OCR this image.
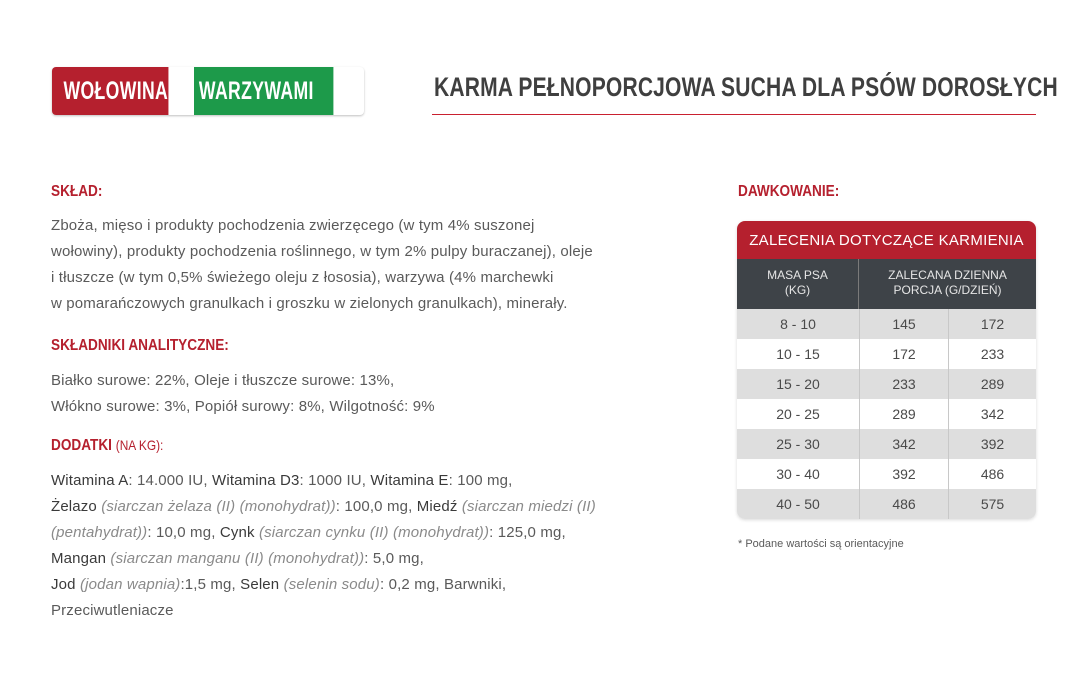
WOŁOWINA Z WARZYWAMI	KARMA PEŁNOPORCJOWA SUCHA DLA PSÓW DOROSŁYCH
SKŁAD:
Zboża, mięso i produkty pochodzenia zwierzęcego (w tym 4% suszonej
wołowiny), produkty pochodzenia roślinnego, w tym 2% pulpy buraczanej), oleje
i tłuszcze (w tym 0,5% świeżego oleju z łososia), warzywa (4% marchewki
w pomarańczowych granulkach i groszku w zielonych granulkach), minerały.
SKŁADNIKI ANALITYCZNE:
Białko surowe: 22%, Oleje i tłuszcze surowe: 13%,
Włókno surowe: 3%, Popiół surowy: 8%, Wilgotność: 9%
DODATKI (NA KG):
Witamina A: 14.000 IU, Witamina D3: 1000 IU, Witamina E: 100 mg,
Żelazo (siarczan żelaza (II) (monohydrat)): 100,0 mg, Miedź (siarczan miedzi (II)
(pentahydrat)): 10,0 mg, Cynk (siarczan cynku (II) (monohydrat)): 125,0 mg,
Mangan (siarczan manganu (II) (monohydrat)): 5,0 mg,
Jod (jodan wapnia):1,5 mg, Selen (selenin sodu): 0,2 mg, Barwniki,
Przeciwutleniacze
DAWKOWANIE:
ZALECENIA DOTYCZĄCE KARMIENIA
MASA PSA
(KG)
ZALECANA DZIENNA
PORCJA (G/DZIEŃ)
8 - 10	145	172
10 - 15	172	233
15 - 20	233	289
20 - 25	289	342
25 - 30	342	392
30 - 40	392	486
40 - 50	486	575
* Podane wartości są orientacyjne
